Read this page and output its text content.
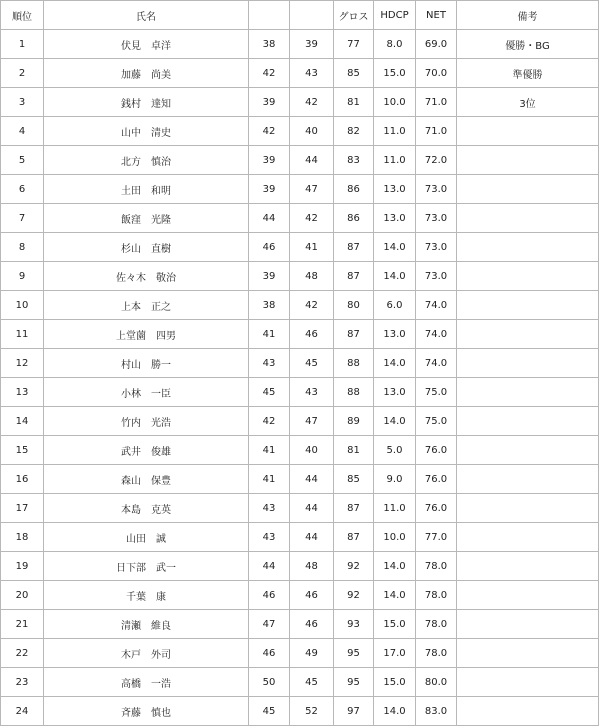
順位	氏名			グロス	HDCP	NET	備考
1	伏見　卓洋	38	39	77	8.0	69.0	優勝・BG
2	加藤　尚美	42	43	85	15.0	70.0	準優勝
3	銭村　達知	39	42	81	10.0	71.0	3位
4	山中　清史	42	40	82	11.0	71.0	
5	北方　慎治	39	44	83	11.0	72.0	
6	土田　和明	39	47	86	13.0	73.0	
7	飯窪　光隆	44	42	86	13.0	73.0	
8	杉山　直樹	46	41	87	14.0	73.0	
9	佐々木　敬治	39	48	87	14.0	73.0	
10	上本　正之	38	42	80	6.0	74.0	
11	上堂薗　四男	41	46	87	13.0	74.0	
12	村山　勝一	43	45	88	14.0	74.0	
13	小林　一臣	45	43	88	13.0	75.0	
14	竹内　光浩	42	47	89	14.0	75.0	
15	武井　俊雄	41	40	81	5.0	76.0	
16	森山　保豊	41	44	85	9.0	76.0	
17	本島　克英	43	44	87	11.0	76.0	
18	山田　誠	43	44	87	10.0	77.0	
19	日下部　武一	44	48	92	14.0	78.0	
20	千葉　康	46	46	92	14.0	78.0	
21	清瀬　維良	47	46	93	15.0	78.0	
22	木戸　外司	46	49	95	17.0	78.0	
23	高橋　一浩	50	45	95	15.0	80.0	
24	斉藤　慎也	45	52	97	14.0	83.0	
